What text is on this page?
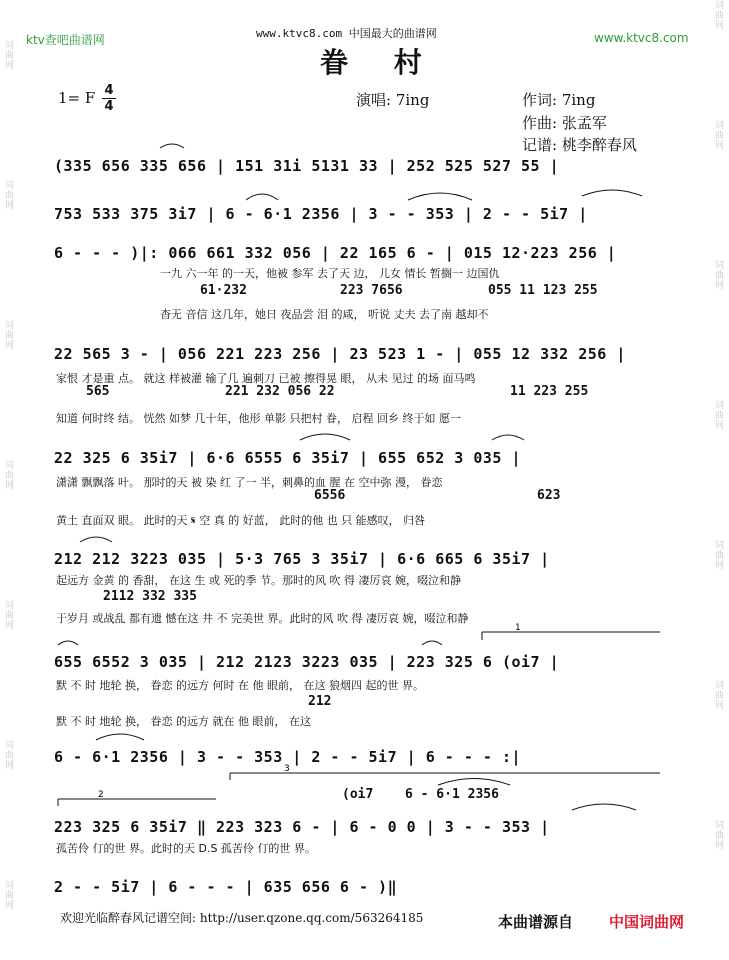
词曲网
词曲网
词曲网
词曲网
词曲网
词曲网
词曲网
词曲网
词曲网
词曲网
词曲网
词曲网
词曲网
词曲网
ktv查吧曲谱网	www.ktvc8.com 中国最大的曲谱网	www.ktvc8.com
眷 村
1= F 4
4	演唱: 7ing	作词: 7ing
作曲: 张孟军
记谱: 桃李醉春风
(335 656 335 656 | 151 31i 5131 33 | 252 525 527 55 |
753 533 375 3i7 | 6 - 6·1 2356 | 3 - - 353 | 2 - - 5i7 |
6 - - - )|: 066 661 332 056 | 22 165 6 - | 015 12·223 256 |
22 565 3 - | 056 221 223 256 | 23 523 1 - | 055 12 332 256 |
22 325 6 35i7 | 6·6 6555 6 35i7 | 655 652 3 035 |
212 212 3223 035 | 5·3 765 3 35i7 | 6·6 665 6 35i7 |
655 6552 3 035 | 212 2123 3223 035 | 223 325 6 (oi7 |
6 - 6·1 2356 | 3 - - 353 | 2 - - 5i7 | 6 - - - :|
223 325 6 35i7 ‖ 223 323 6 - | 6 - 0 0 | 3 - - 353 |
2 - - 5i7 | 6 - - - | 635 656 6 - )‖
61·232	223 7656	055 11 123 255
565	221 232 056 22	11 223 255
6556	623
2112 332 335
212
(oi7 6 - 6·1 2356
一九 六一年 的一天，他被 参军 去了天 边， 儿女 情长 暂搁一 边国仇
杳无 音信 这几年，她日 夜品尝 泪 的咸， 听说 丈夫 去了南 越却不
家恨 才是重 点。 就这 样被灌 输了几 遍刺刀 已被 擦得晃 眼， 从未 见过 的场 面马鸣
知道 何时终 结。 恍然 如梦 几十年，他形 单影 只把村 眷， 启程 回乡 终于如 愿一
潇潇 飘飘落 叶。 那时的天 被 染 红 了一 半，刺鼻的血 腥 在 空中弥 漫， 眷恋
黄土 直面双 眼。 此时的天 𝄋 空 真 的 好蓝， 此时的他 也 只 能感叹， 归咎
起远方 金黄 的 香甜， 在这 生 或 死的季 节。那时的风 吹 得 凄厉哀 婉，啜泣和静
于岁月 或战乱 都有遗 憾在这 井 不 完美世 界。此时的风 吹 得 凄厉哀 婉，啜泣和静
默 不 时 地轮 换， 眷恋 的远方 何时 在 他 眼前， 在这 狼烟四 起的世 界。
默 不 时 地轮 换， 眷恋 的远方 就在 他 眼前， 在这
孤苦伶 仃的世 界。此时的天 D.S 孤苦伶 仃的世 界。
1
3
2
欢迎光临醉春风记谱空间: http://user.qzone.qq.com/563264185	本曲谱源自 中国词曲网
